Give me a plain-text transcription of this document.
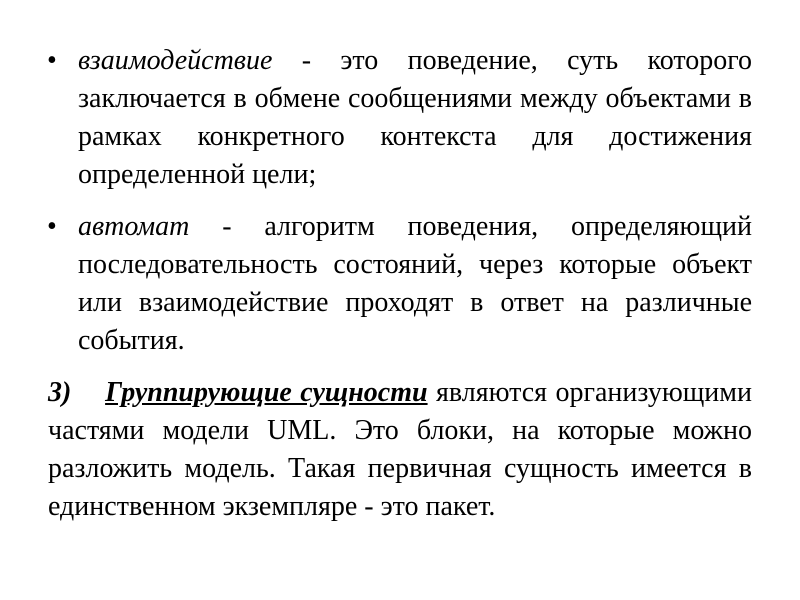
• взаимодействие - это поведение, суть которого заключается в обмене сообщениями между объектами в рамках конкретного контекста для достижения определенной цели;
• автомат - алгоритм поведения, определяющий последовательность состояний, через которые объект или взаимодействие проходят в ответ на различные события.
3) Группирующие сущности являются организующими частями модели UML. Это блоки, на которые можно разложить модель. Такая первичная сущность имеется в единственном экземпляре - это пакет.
